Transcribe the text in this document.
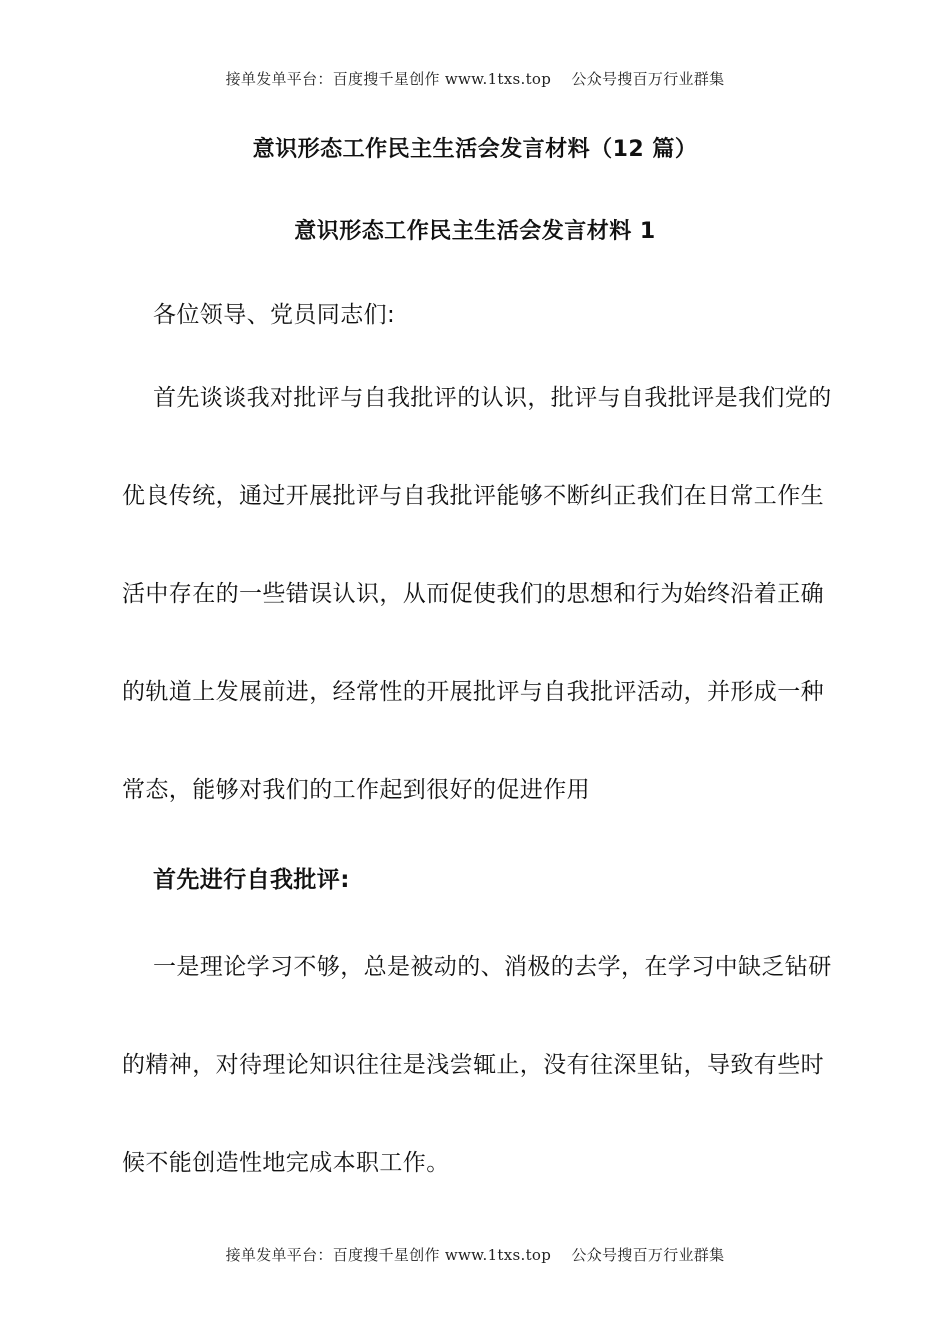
接单发单平台：百度搜千星创作 www.1txs.top    公众号搜百万行业群集
意识形态工作民主生活会发言材料（12 篇）
意识形态工作民主生活会发言材料 1

各位领导、党员同志们:

首先谈谈我对批评与自我批评的认识，批评与自我批评是我们党的优良传统，通过开展批评与自我批评能够不断纠正我们在日常工作生活中存在的一些错误认识，从而促使我们的思想和行为始终沿着正确的轨道上发展前进，经常性的开展批评与自我批评活动，并形成一种常态，能够对我们的工作起到很好的促进作用

首先进行自我批评:

一是理论学习不够，总是被动的、消极的去学，在学习中缺乏钻研的精神，对待理论知识往往是浅尝辄止，没有往深里钻，导致有些时候不能创造性地完成本职工作。

接单发单平台：百度搜千星创作 www.1txs.top    公众号搜百万行业群集
